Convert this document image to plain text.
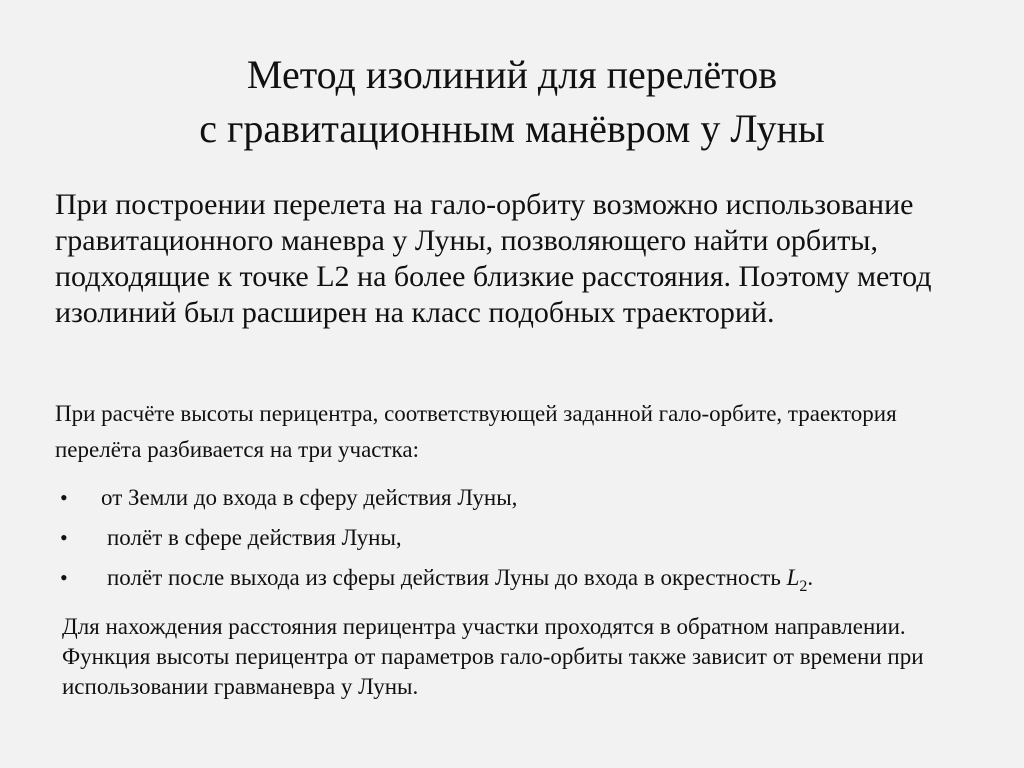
Метод изолиний для перелётов
с гравитационным манёвром у Луны

При построении перелета на гало-орбиту возможно использование гравитационного маневра у Луны, позволяющего найти орбиты, подходящие к точке L2 на более близкие расстояния. Поэтому метод изолиний был расширен на класс подобных траекторий.

При расчёте высоты перицентра, соответствующей заданной гало-орбите, траектория перелёта разбивается на три участка:

• от Земли до входа в сферу действия Луны,
• полёт в сфере действия Луны,
• полёт после выхода из сферы действия Луны до входа в окрестность $L_2$.

Для нахождения расстояния перицентра участки проходятся в обратном направлении. Функция высоты перицентра от параметров гало-орбиты также зависит от времени при использовании гравманевра у Луны.
